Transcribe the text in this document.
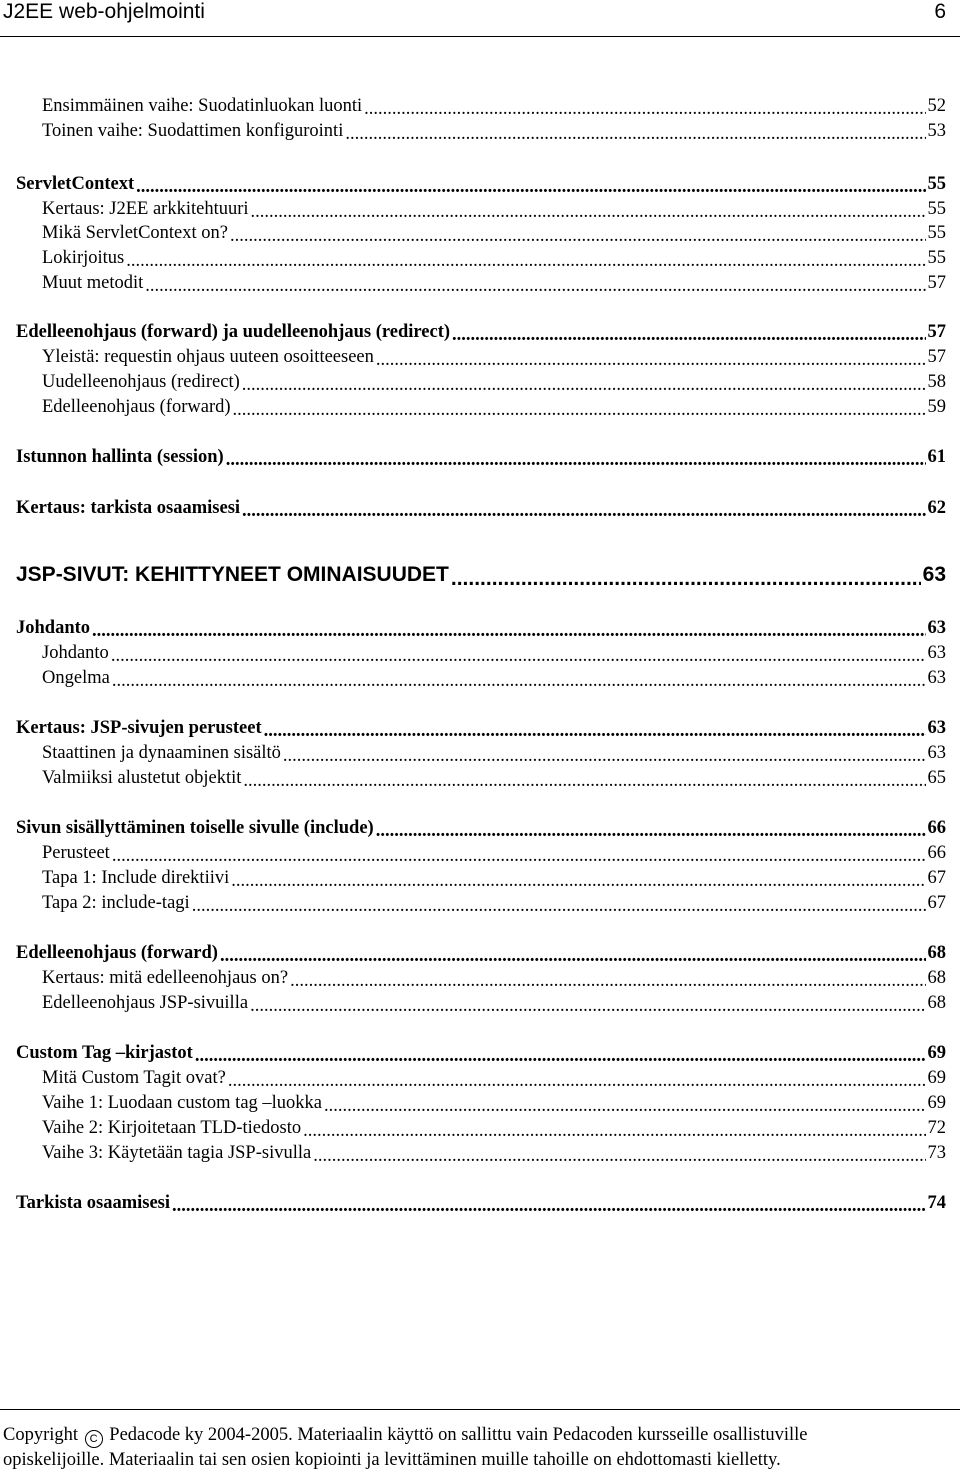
J2EE web-ohjelmointi	6
Ensimmäinen vaihe: Suodatinluokan luonti .....	52
Toinen vaihe: Suodattimen konfigurointi .....	53
ServletContext .....	55
Kertaus: J2EE arkkitehtuuri .....	55
Mikä ServletContext on? .....	55
Lokirjoitus .....	55
Muut metodit .....	57
Edelleenohjaus (forward) ja uudelleenohjaus (redirect) .....	57
Yleistä: requestin ohjaus uuteen osoitteeseen .....	57
Uudelleenohjaus (redirect) .....	58
Edelleenohjaus (forward) .....	59
Istunnon hallinta (session) .....	61
Kertaus: tarkista osaamisesi .....	62
JSP-SIVUT: KEHITTYNEET OMINAISUUDET .....	63
Johdanto .....	63
Johdanto .....	63
Ongelma .....	63
Kertaus: JSP-sivujen perusteet .....	63
Staattinen ja dynaaminen sisältö .....	63
Valmiiksi alustetut objektit .....	65
Sivun sisällyttäminen toiselle sivulle (include) .....	66
Perusteet .....	66
Tapa 1: Include direktiivi .....	67
Tapa 2: include-tagi .....	67
Edelleenohjaus (forward) .....	68
Kertaus: mitä edelleenohjaus on? .....	68
Edelleenohjaus JSP-sivuilla .....	68
Custom Tag –kirjastot .....	69
Mitä Custom Tagit ovat? .....	69
Vaihe 1: Luodaan custom tag –luokka .....	69
Vaihe 2: Kirjoitetaan TLD-tiedosto .....	72
Vaihe 3: Käytetään tagia JSP-sivulla .....	73
Tarkista osaamisesi .....	74
Copyright C Pedacode ky 2004-2005. Materiaalin käyttö on sallittu vain Pedacoden kursseille osallistuville
opiskelijoille. Materiaalin tai sen osien kopiointi ja levittäminen muille tahoille on ehdottomasti kielletty.
